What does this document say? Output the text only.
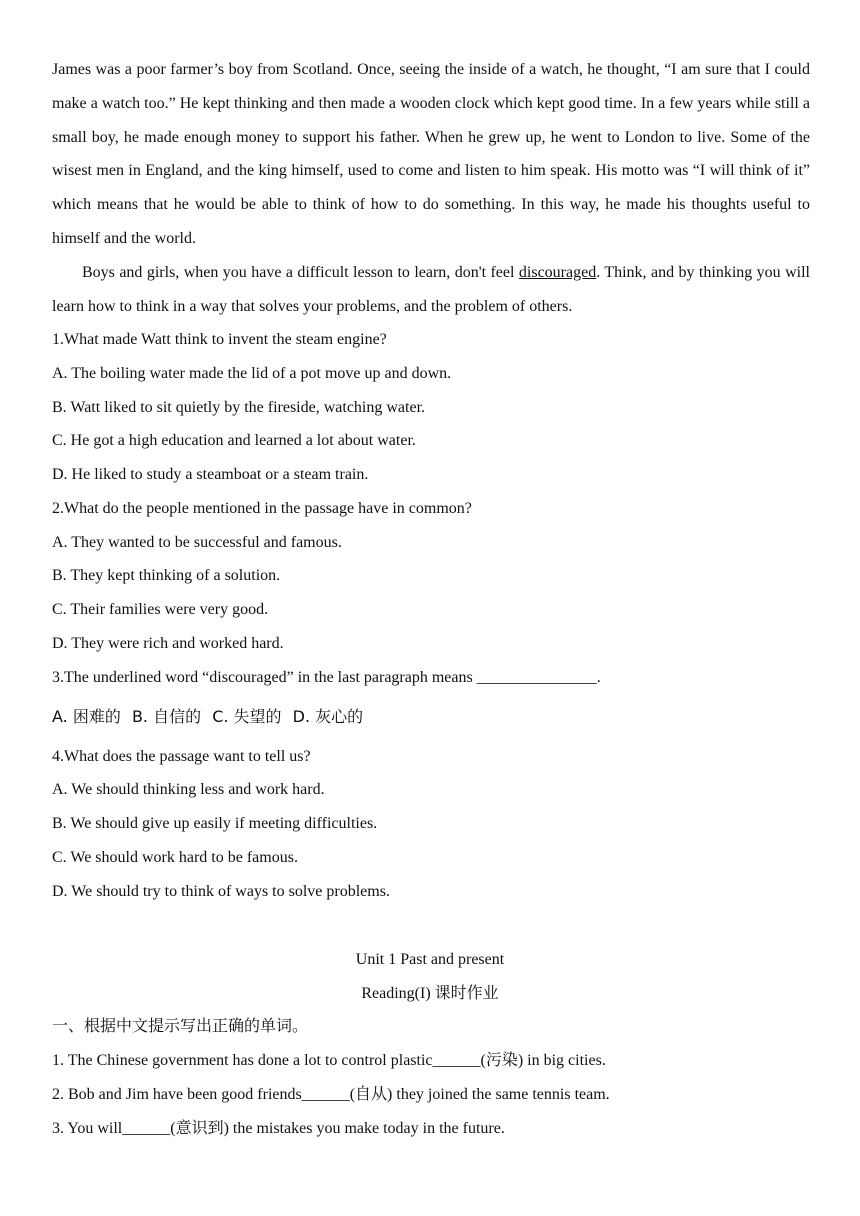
James was a poor farmer’s boy from Scotland. Once, seeing the inside of a watch, he thought, “I am sure that I could make a watch too.” He kept thinking and then made a wooden clock which kept good time. In a few years while still a small boy, he made enough money to support his father. When he grew up, he went to London to live. Some of the wisest men in England, and the king himself, used to come and listen to him speak. His motto was “I will think of it” which means that he would be able to think of how to do something. In this way, he made his thoughts useful to himself and the world.

Boys and girls, when you have a difficult lesson to learn, don't feel discouraged. Think, and by thinking you will learn how to think in a way that solves your problems, and the problem of others.

1.What made Watt think to invent the steam engine?
A. The boiling water made the lid of a pot move up and down.
B. Watt liked to sit quietly by the fireside, watching water.
C. He got a high education and learned a lot about water.
D. He liked to study a steamboat or a steam train.
2.What do the people mentioned in the passage have in common?
A. They wanted to be successful and famous.
B. They kept thinking of a solution.
C. Their families were very good.
D. They were rich and worked hard.
3.The underlined word “discouraged” in the last paragraph means _______________.
A. 困难的 B. 自信的 C. 失望的 D. 灰心的
4.What does the passage want to tell us?
A. We should thinking less and work hard.
B. We should give up easily if meeting difficulties.
C. We should work hard to be famous.
D. We should try to think of ways to solve problems.
Unit 1 Past and present
Reading(I) 课时作业
一、根据中文提示写出正确的单词。
1. The Chinese government has done a lot to control plastic______(污染) in big cities.
2. Bob and Jim have been good friends______(自从) they joined the same tennis team.
3. You will______(意识到) the mistakes you make today in the future.
